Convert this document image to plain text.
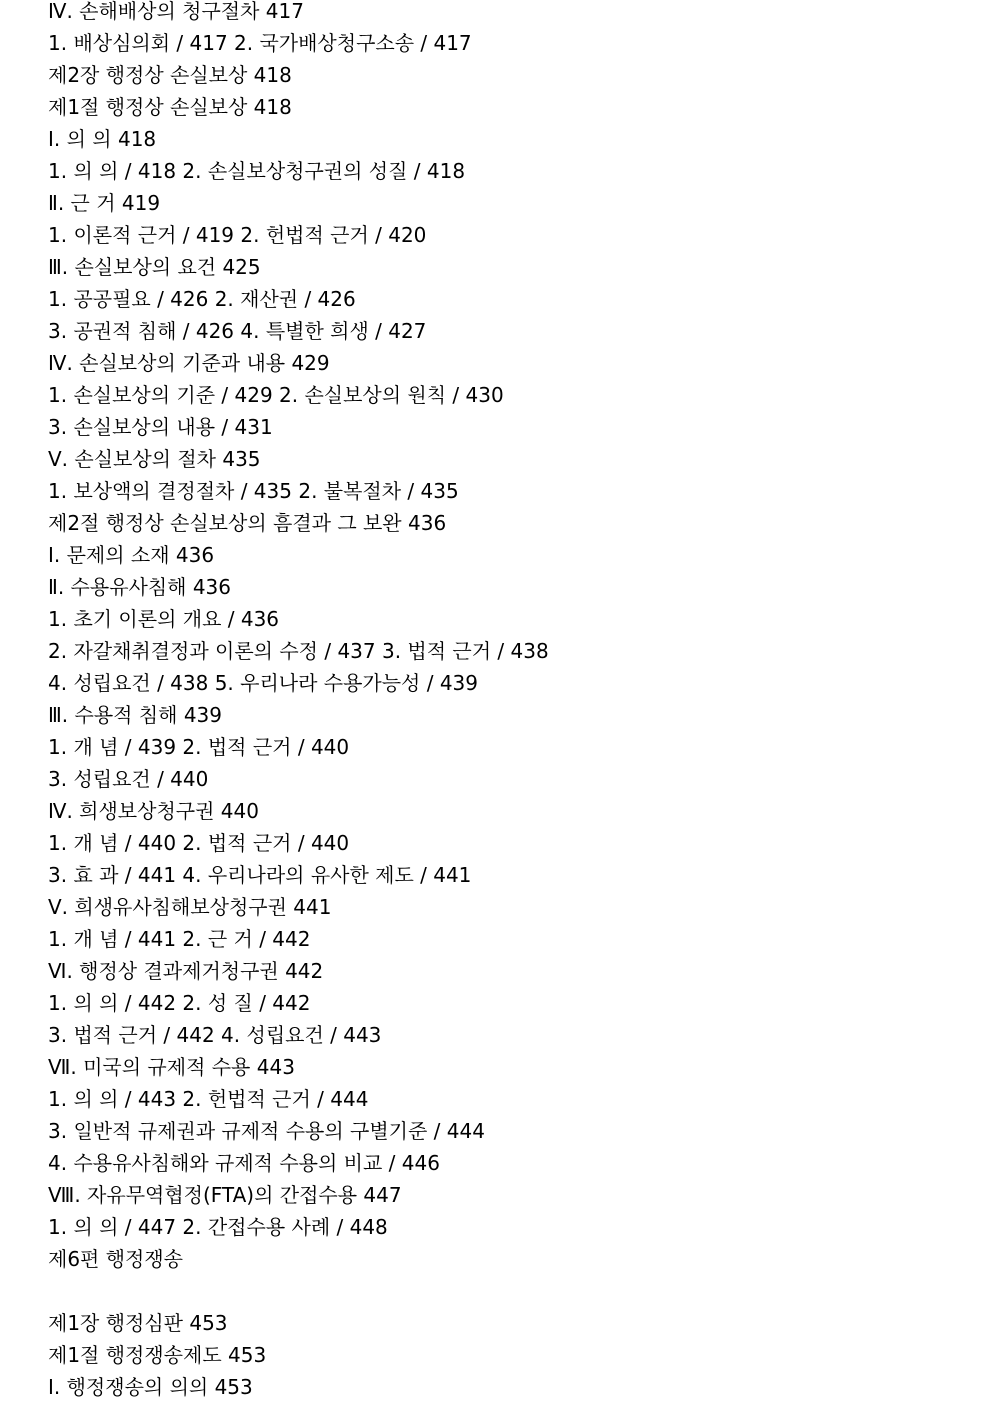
Ⅳ. 손해배상의 청구절차 417
1. 배상심의회 / 417 2. 국가배상청구소송 / 417
제2장 행정상 손실보상 418
제1절 행정상 손실보상 418
Ⅰ. 의 의 418
1. 의 의 / 418 2. 손실보상청구권의 성질 / 418
Ⅱ. 근 거 419
1. 이론적 근거 / 419 2. 헌법적 근거 / 420
Ⅲ. 손실보상의 요건 425
1. 공공필요 / 426 2. 재산권 / 426
3. 공권적 침해 / 426 4. 특별한 희생 / 427
Ⅳ. 손실보상의 기준과 내용 429
1. 손실보상의 기준 / 429 2. 손실보상의 원칙 / 430
3. 손실보상의 내용 / 431
Ⅴ. 손실보상의 절차 435
1. 보상액의 결정절차 / 435 2. 불복절차 / 435
제2절 행정상 손실보상의 흠결과 그 보완 436
Ⅰ. 문제의 소재 436
Ⅱ. 수용유사침해 436
1. 초기 이론의 개요 / 436
2. 자갈채취결정과 이론의 수정 / 437 3. 법적 근거 / 438
4. 성립요건 / 438 5. 우리나라 수용가능성 / 439
Ⅲ. 수용적 침해 439
1. 개 념 / 439 2. 법적 근거 / 440
3. 성립요건 / 440
Ⅳ. 희생보상청구권 440
1. 개 념 / 440 2. 법적 근거 / 440
3. 효 과 / 441 4. 우리나라의 유사한 제도 / 441
Ⅴ. 희생유사침해보상청구권 441
1. 개 념 / 441 2. 근 거 / 442
Ⅵ. 행정상 결과제거청구권 442
1. 의 의 / 442 2. 성 질 / 442
3. 법적 근거 / 442 4. 성립요건 / 443
Ⅶ. 미국의 규제적 수용 443
1. 의 의 / 443 2. 헌법적 근거 / 444
3. 일반적 규제권과 규제적 수용의 구별기준 / 444
4. 수용유사침해와 규제적 수용의 비교 / 446
Ⅷ. 자유무역협정(FTA)의 간접수용 447
1. 의 의 / 447 2. 간접수용 사례 / 448
제6편 행정쟁송
제1장 행정심판 453
제1절 행정쟁송제도 453
Ⅰ. 행정쟁송의 의의 453
